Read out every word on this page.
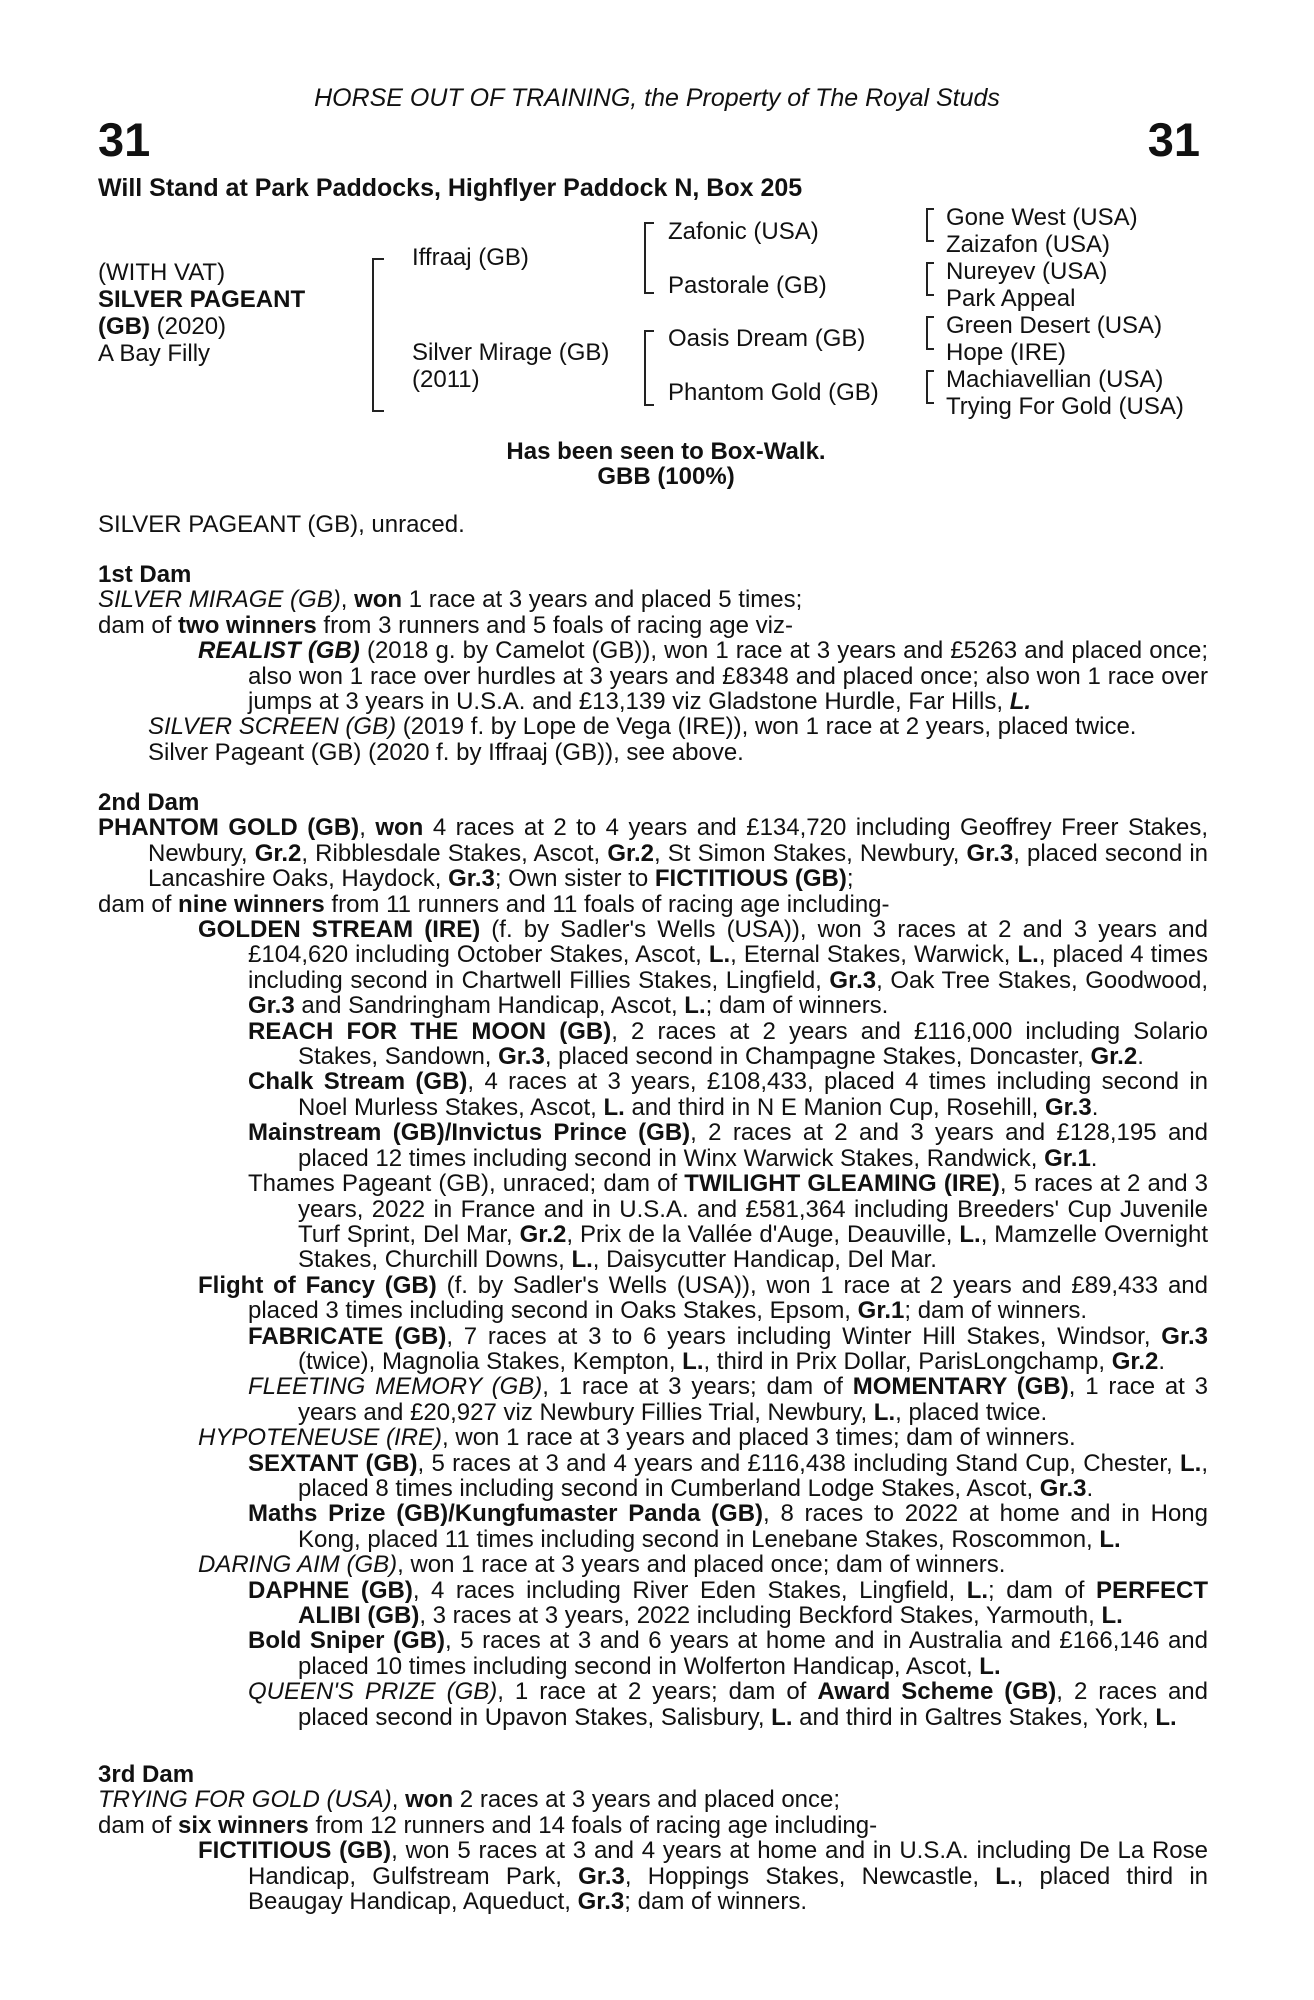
HORSE OUT OF TRAINING, the Property of The Royal Studs
31	31
Will Stand at Park Paddocks, Highflyer Paddock N, Box 205
(WITH VAT)
SILVER PAGEANT
(GB) (2020)
A Bay Filly
Iffraaj (GB)
Silver Mirage (GB)
(2011)
Zafonic (USA)
Pastorale (GB)
Oasis Dream (GB)
Phantom Gold (GB)
Gone West (USA)
Zaizafon (USA)
Nureyev (USA)
Park Appeal
Green Desert (USA)
Hope (IRE)
Machiavellian (USA)
Trying For Gold (USA)
Has been seen to Box-Walk.
GBB (100%)
SILVER PAGEANT (GB), unraced.
1st Dam

SILVER MIRAGE (GB), won 1 race at 3 years and placed 5 times;

dam of two winners from 3 runners and 5 foals of racing age viz-

REALIST (GB) (2018 g. by Camelot (GB)), won 1 race at 3 years and £5263 and placed once; also won 1 race over hurdles at 3 years and £8348 and placed once; also won 1 race over jumps at 3 years in U.S.A. and £13,139 viz Gladstone Hurdle, Far Hills, L.

SILVER SCREEN (GB) (2019 f. by Lope de Vega (IRE)), won 1 race at 2 years, placed twice.

Silver Pageant (GB) (2020 f. by Iffraaj (GB)), see above.

2nd Dam

PHANTOM GOLD (GB), won 4 races at 2 to 4 years and £134,720 including Geoffrey Freer Stakes, Newbury, Gr.2, Ribblesdale Stakes, Ascot, Gr.2, St Simon Stakes, Newbury, Gr.3, placed second in Lancashire Oaks, Haydock, Gr.3; Own sister to FICTITIOUS (GB);

dam of nine winners from 11 runners and 11 foals of racing age including-

GOLDEN STREAM (IRE) (f. by Sadler's Wells (USA)), won 3 races at 2 and 3 years and £104,620 including October Stakes, Ascot, L., Eternal Stakes, Warwick, L., placed 4 times including second in Chartwell Fillies Stakes, Lingfield, Gr.3, Oak Tree Stakes, Goodwood, Gr.3 and Sandringham Handicap, Ascot, L.; dam of winners.

REACH FOR THE MOON (GB), 2 races at 2 years and £116,000 including Solario Stakes, Sandown, Gr.3, placed second in Champagne Stakes, Doncaster, Gr.2.

Chalk Stream (GB), 4 races at 3 years, £108,433, placed 4 times including second in Noel Murless Stakes, Ascot, L. and third in N E Manion Cup, Rosehill, Gr.3.

Mainstream (GB)/Invictus Prince (GB), 2 races at 2 and 3 years and £128,195 and placed 12 times including second in Winx Warwick Stakes, Randwick, Gr.1.

Thames Pageant (GB), unraced; dam of TWILIGHT GLEAMING (IRE), 5 races at 2 and 3 years, 2022 in France and in U.S.A. and £581,364 including Breeders' Cup Juvenile Turf Sprint, Del Mar, Gr.2, Prix de la Vallée d'Auge, Deauville, L., Mamzelle Overnight Stakes, Churchill Downs, L., Daisycutter Handicap, Del Mar.

Flight of Fancy (GB) (f. by Sadler's Wells (USA)), won 1 race at 2 years and £89,433 and placed 3 times including second in Oaks Stakes, Epsom, Gr.1; dam of winners.

FABRICATE (GB), 7 races at 3 to 6 years including Winter Hill Stakes, Windsor, Gr.3 (twice), Magnolia Stakes, Kempton, L., third in Prix Dollar, ParisLongchamp, Gr.2.

FLEETING MEMORY (GB), 1 race at 3 years; dam of MOMENTARY (GB), 1 race at 3 years and £20,927 viz Newbury Fillies Trial, Newbury, L., placed twice.

HYPOTENEUSE (IRE), won 1 race at 3 years and placed 3 times; dam of winners.

SEXTANT (GB), 5 races at 3 and 4 years and £116,438 including Stand Cup, Chester, L., placed 8 times including second in Cumberland Lodge Stakes, Ascot, Gr.3.

Maths Prize (GB)/Kungfumaster Panda (GB), 8 races to 2022 at home and in Hong Kong, placed 11 times including second in Lenebane Stakes, Roscommon, L.

DARING AIM (GB), won 1 race at 3 years and placed once; dam of winners.

DAPHNE (GB), 4 races including River Eden Stakes, Lingfield, L.; dam of PERFECT ALIBI (GB), 3 races at 3 years, 2022 including Beckford Stakes, Yarmouth, L.

Bold Sniper (GB), 5 races at 3 and 6 years at home and in Australia and £166,146 and placed 10 times including second in Wolferton Handicap, Ascot, L.

QUEEN'S PRIZE (GB), 1 race at 2 years; dam of Award Scheme (GB), 2 races and placed second in Upavon Stakes, Salisbury, L. and third in Galtres Stakes, York, L.

3rd Dam

TRYING FOR GOLD (USA), won 2 races at 3 years and placed once;

dam of six winners from 12 runners and 14 foals of racing age including-

FICTITIOUS (GB), won 5 races at 3 and 4 years at home and in U.S.A. including De La Rose Handicap, Gulfstream Park, Gr.3, Hoppings Stakes, Newcastle, L., placed third in Beaugay Handicap, Aqueduct, Gr.3; dam of winners.
